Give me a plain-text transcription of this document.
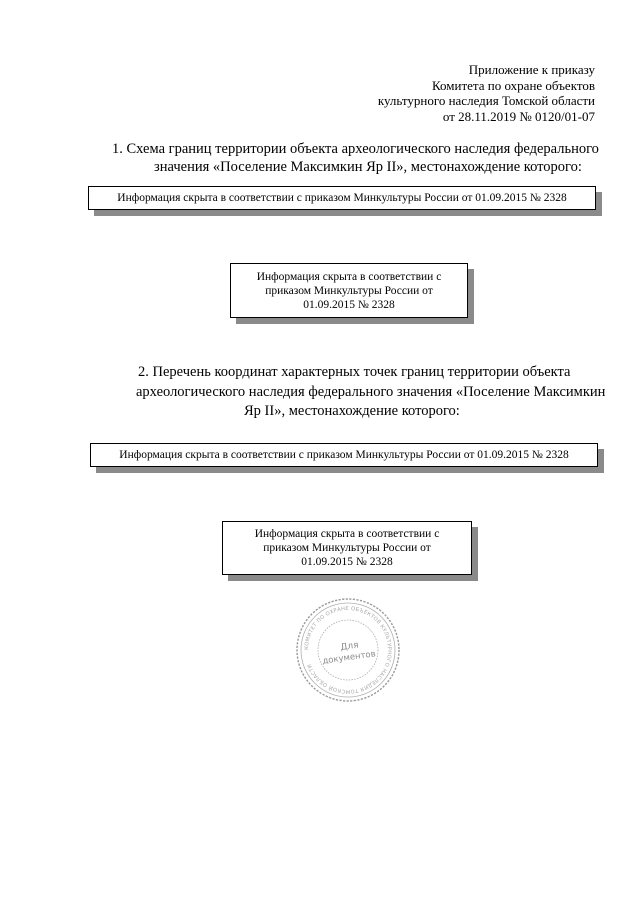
Приложение к приказу
Комитета по охране объектов
культурного наследия Томской области
от 28.11.2019 № 0120/01-07
1. Схема границ территории объекта археологического наследия федерального
значения «Поселение Максимкин Яр II», местонахождение которого:
Информация скрыта в соответствии с приказом Минкультуры России от 01.09.2015 № 2328
Информация скрыта в соответствии с приказом Минкультуры России от 01.09.2015 № 2328
2. Перечень координат характерных точек границ территории объекта
археологического наследия федерального значения «Поселение Максимкин
Яр II», местонахождение которого:
Информация скрыта в соответствии с приказом Минкультуры России от 01.09.2015 № 2328
Информация скрыта в соответствии с приказом Минкультуры России от 01.09.2015 № 2328
КОМИТЕТ ПО ОХРАНЕ ОБЪЕКТОВ КУЛЬТУРНОГО НАСЛЕДИЯ ТОМСКОЙ ОБЛАСТИ
Для
документов
